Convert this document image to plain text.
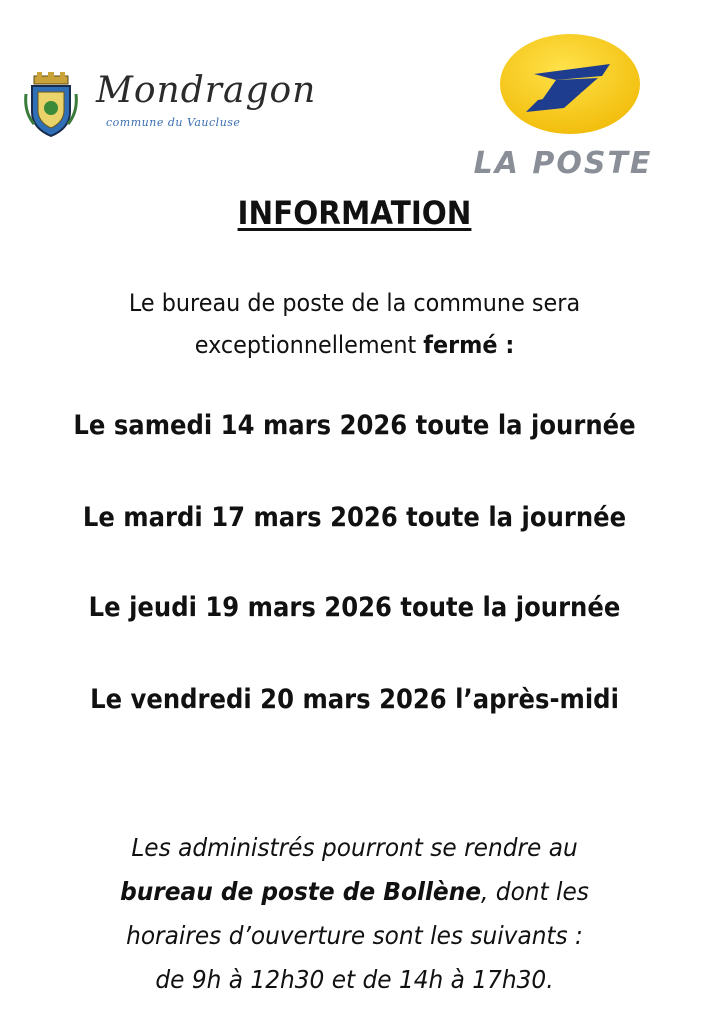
Mondragon
commune du Vaucluse
LA POSTE
INFORMATION
Le bureau de poste de la commune sera
exceptionnellement fermé :
Le samedi 14 mars 2026 toute la journée
Le mardi 17 mars 2026 toute la journée
Le jeudi 19 mars 2026 toute la journée
Le vendredi 20 mars 2026 l’après-midi
Les administrés pourront se rendre au
bureau de poste de Bollène, dont les
horaires d’ouverture sont les suivants :
de 9h à 12h30 et de 14h à 17h30.
